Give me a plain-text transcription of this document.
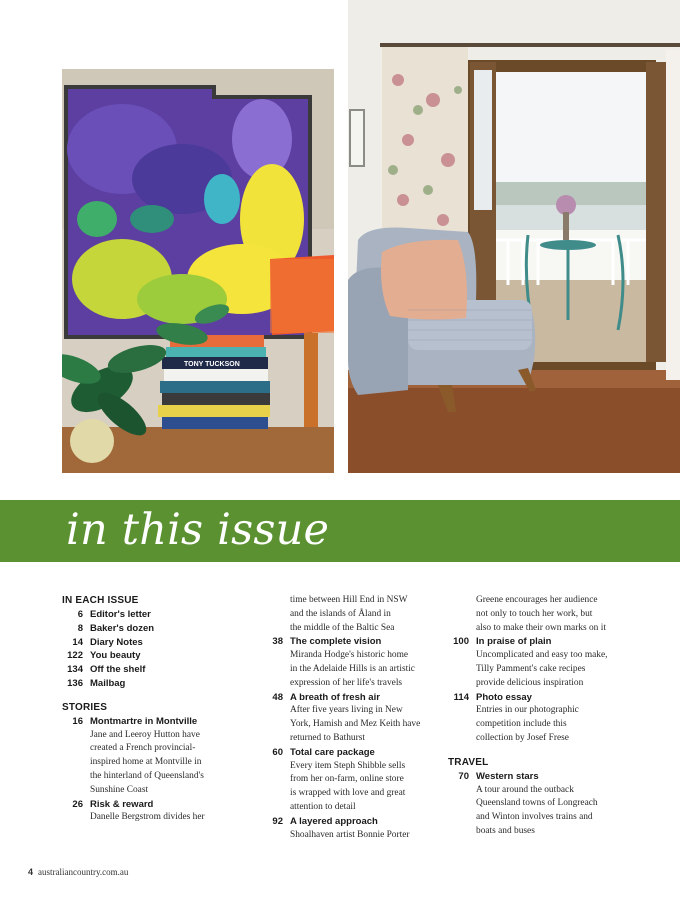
TONY TUCKSON
in this issue
IN EACH ISSUE
6 Editor's letter
8 Baker's dozen
14 Diary Notes
122 You beauty
134 Off the shelf
136 Mailbag
STORIES
16 Montmartre in Montville

Jane and Leeroy Hutton have

created a French provincial-

inspired home at Montville in

the hinterland of Queensland's

Sunshine Coast

26 Risk & reward

Danelle Bergstrom divides her

time between Hill End in NSW

and the islands of Åland in

the middle of the Baltic Sea

38 The complete vision

Miranda Hodge's historic home

in the Adelaide Hills is an artistic

expression of her life's travels

48 A breath of fresh air

After five years living in New

York, Hamish and Mez Keith have

returned to Bathurst

60 Total care package

Every item Steph Shibble sells

from her on-farm, online store

is wrapped with love and great

attention to detail

92 A layered approach

Shoalhaven artist Bonnie Porter

Greene encourages her audience

not only to touch her work, but

also to make their own marks on it

100 In praise of plain

Uncomplicated and easy too make,

Tilly Pamment's cake recipes

provide delicious inspiration

114 Photo essay

Entries in our photographic

competition include this

collection by Josef Frese

TRAVEL
70 Western stars

A tour around the outback

Queensland towns of Longreach

and Winton involves trains and

boats and buses

4 australiancountry.com.au
